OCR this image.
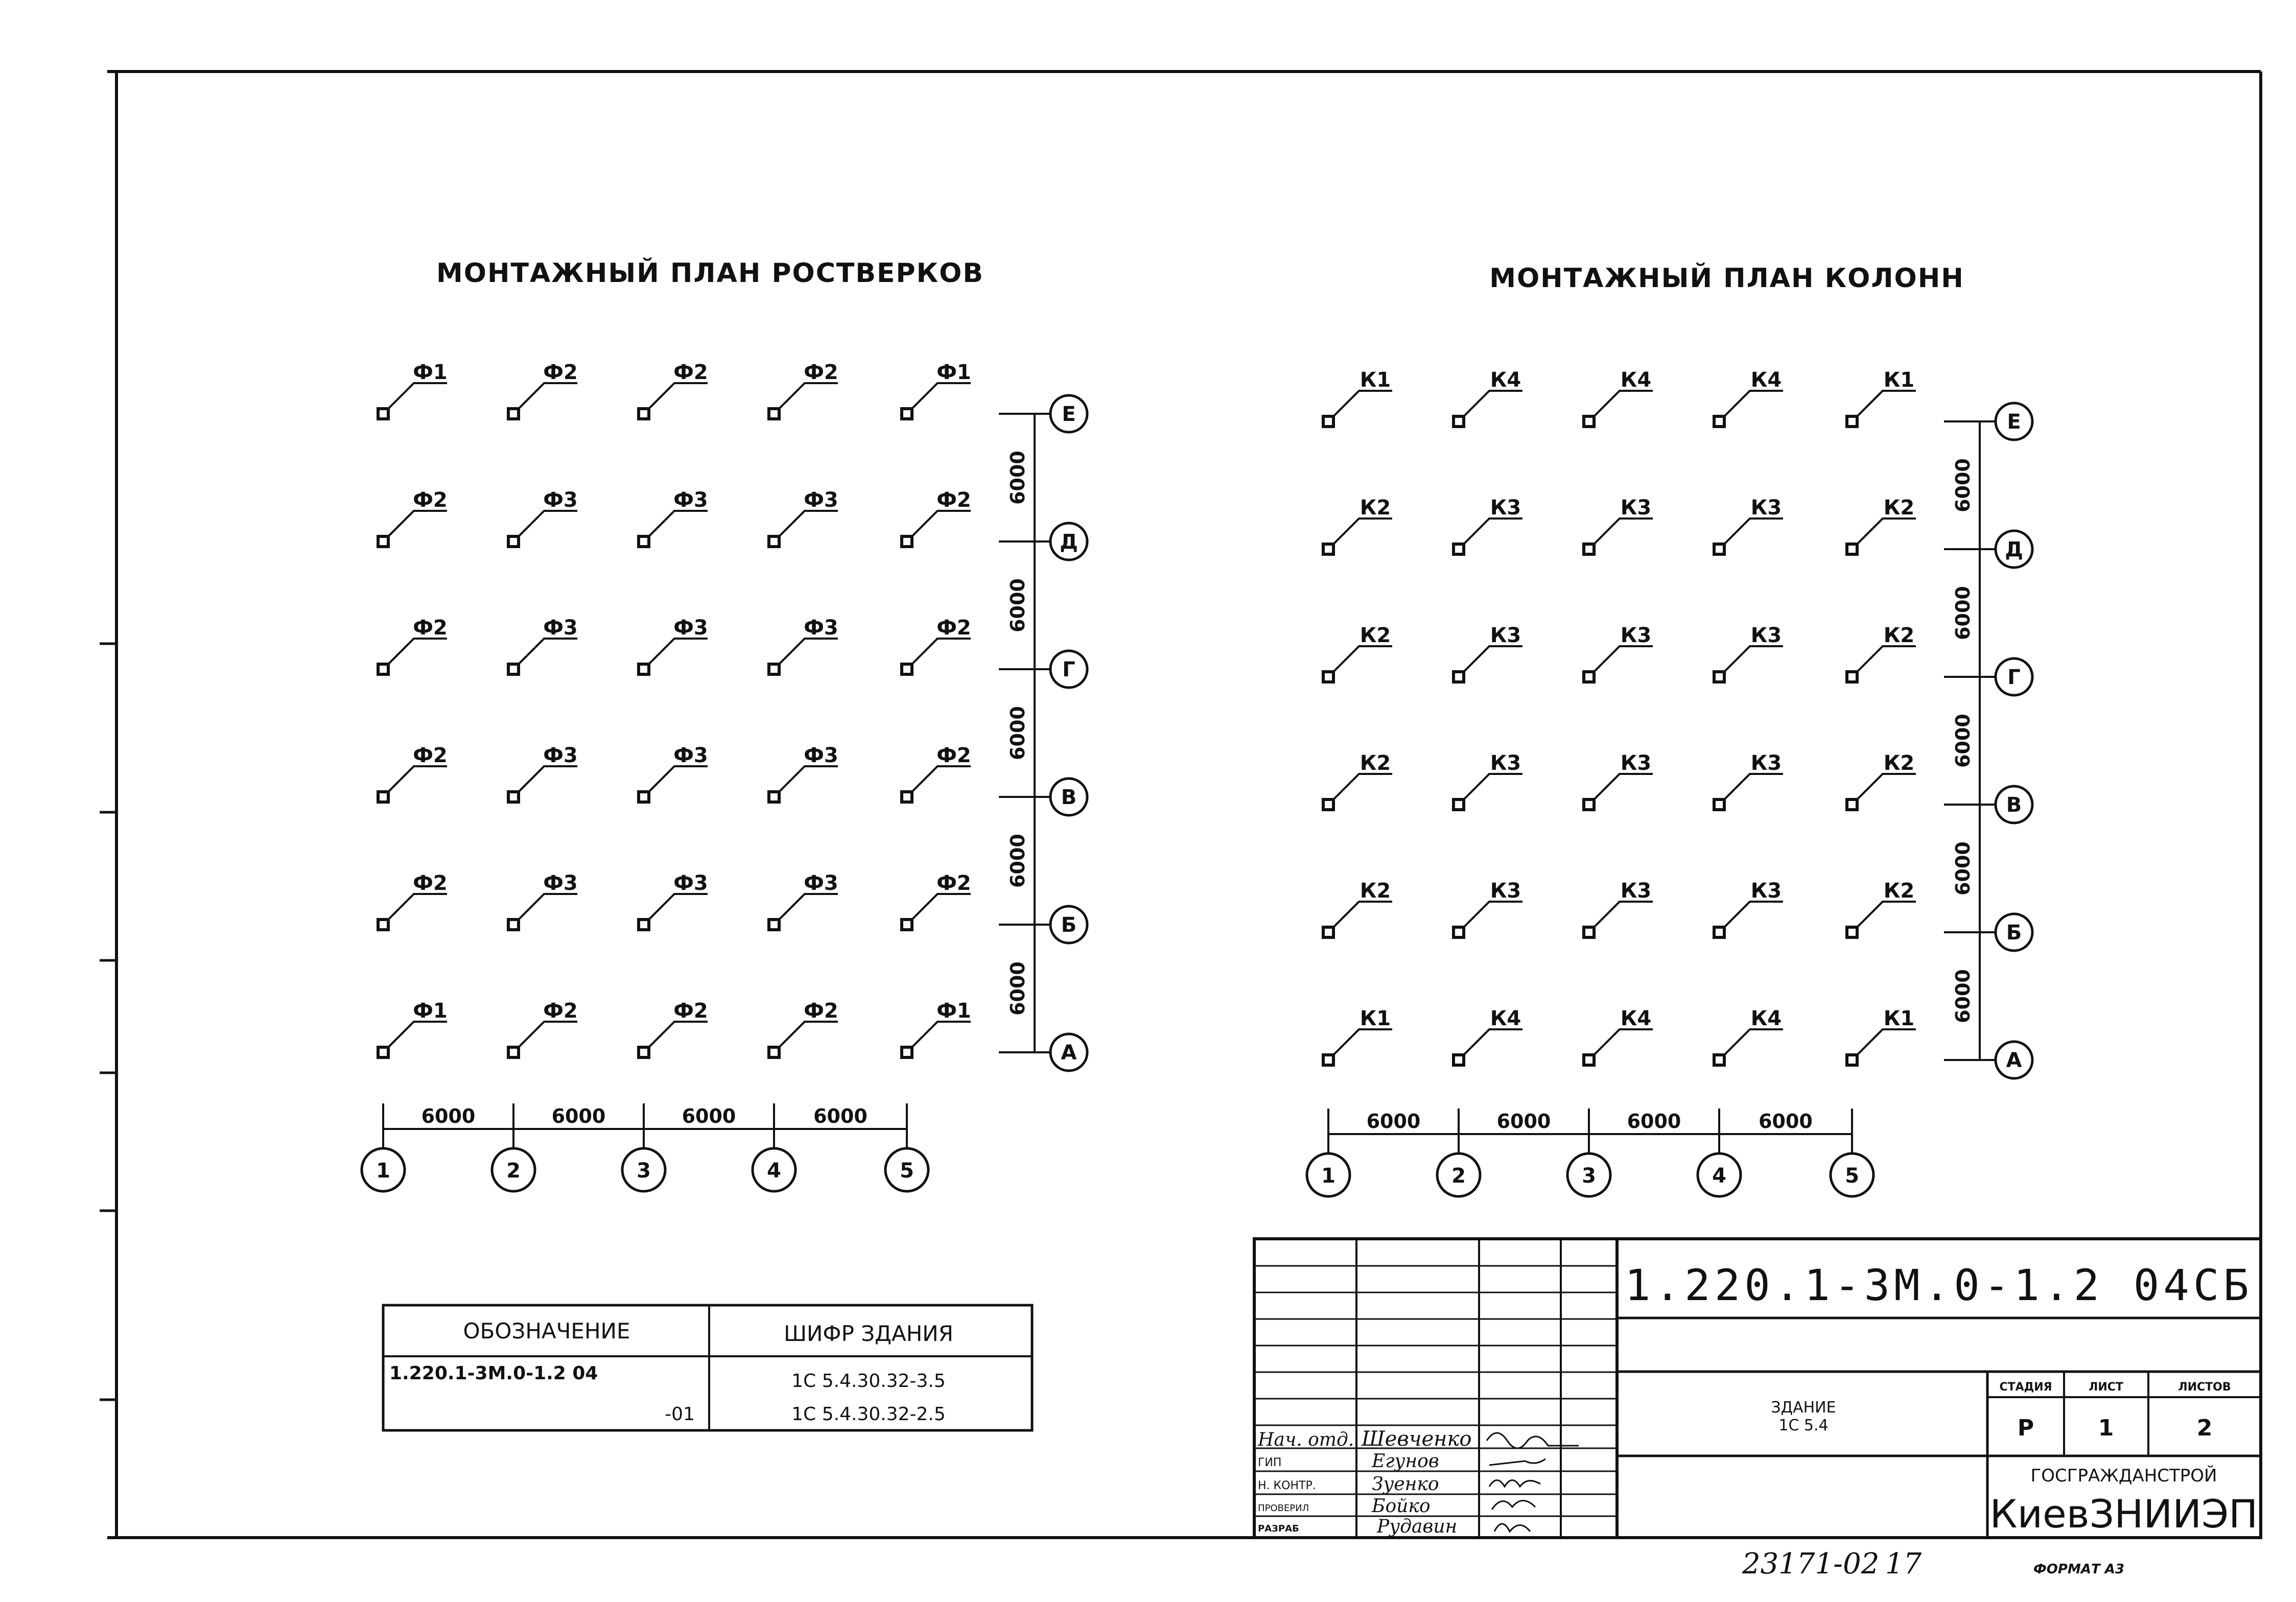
МОНТАЖНЫЙ ПЛАН РОСТВЕРКОВ	МОНТАЖНЫЙ ПЛАН КОЛОНН
Ф1	Ф2	Ф2	Ф2	Ф1
Ф2	Ф3	Ф3	Ф3	Ф2
Ф2	Ф3	Ф3	Ф3	Ф2
Ф2	Ф3	Ф3	Ф3	Ф2
Ф2	Ф3	Ф3	Ф3	Ф2
Ф1	Ф2	Ф2	Ф2	Ф1
Е
Д
Г
В
Б
А
6000
6000
6000
6000
6000
1	2	3	4	5
6000	6000	6000	6000
К1	К4	К4	К4	К1
К2	К3	К3	К3	К2
К2	К3	К3	К3	К2
К2	К3	К3	К3	К2
К2	К3	К3	К3	К2
К1	К4	К4	К4	К1
Е
Д
Г
В
Б
А
6000
6000
6000
6000
6000
1	2	3	4	5
6000	6000	6000	6000
ОБОЗНАЧЕНИЕ	ШИФР ЗДАНИЯ
1.220.1-3М.0-1.2 04	1С 5.4.30.32-3.5
-01	1С 5.4.30.32-2.5
1.220.1-3М.0-1.2 04СБ
ЗДАНИЕ
1С 5.4
СТАДИЯ	ЛИСТ	ЛИСТОВ
Р	1	2
ГОСГРАЖДАНСТРОЙ
КиевЗНИИЭП
Нач. отд. Шевченко
ГИП	Егунов
Н. КОНТР.	Зуенко
ПРОВЕРИЛ	Бойко
РАЗРАБ	Рудавин
23171-02 17	ФОРМАТ А3
